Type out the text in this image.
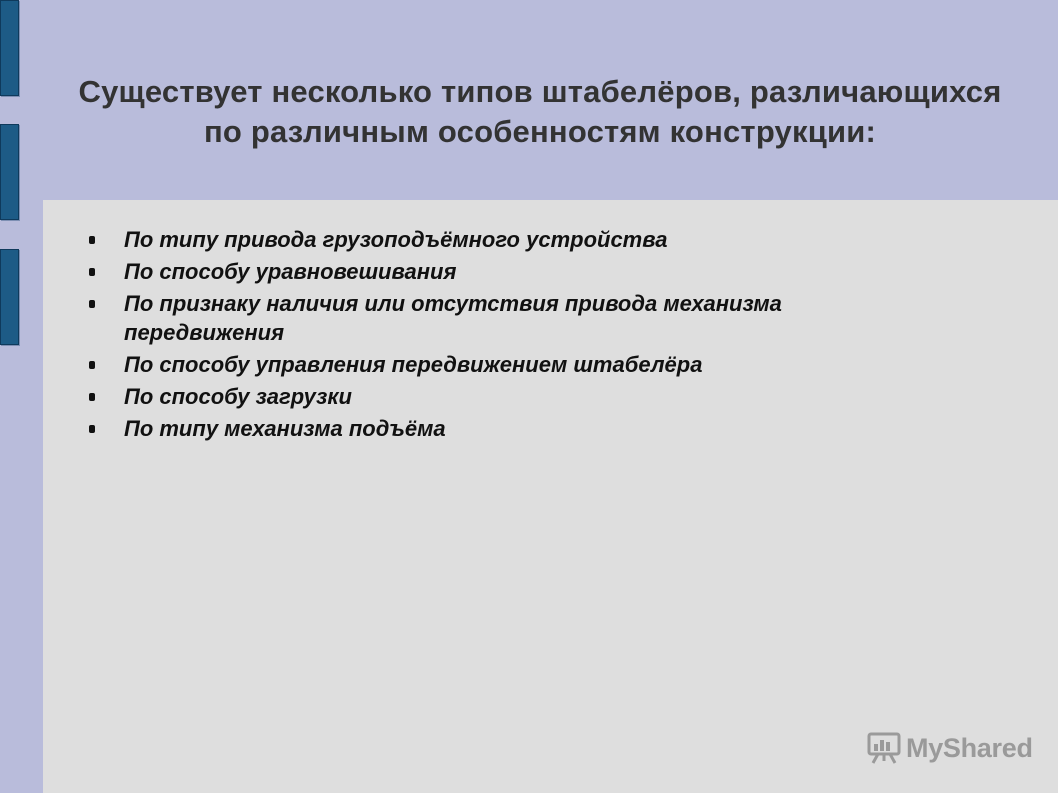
Существует несколько типов штабелёров, различающихся по различным особенностям конструкции:
По типу привода грузоподъёмного устройства
По способу уравновешивания
По признаку наличия или отсутствия привода механизма передвижения
По способу управления передвижением штабелёра
По способу загрузки
По типу механизма подъёма
MyShared
